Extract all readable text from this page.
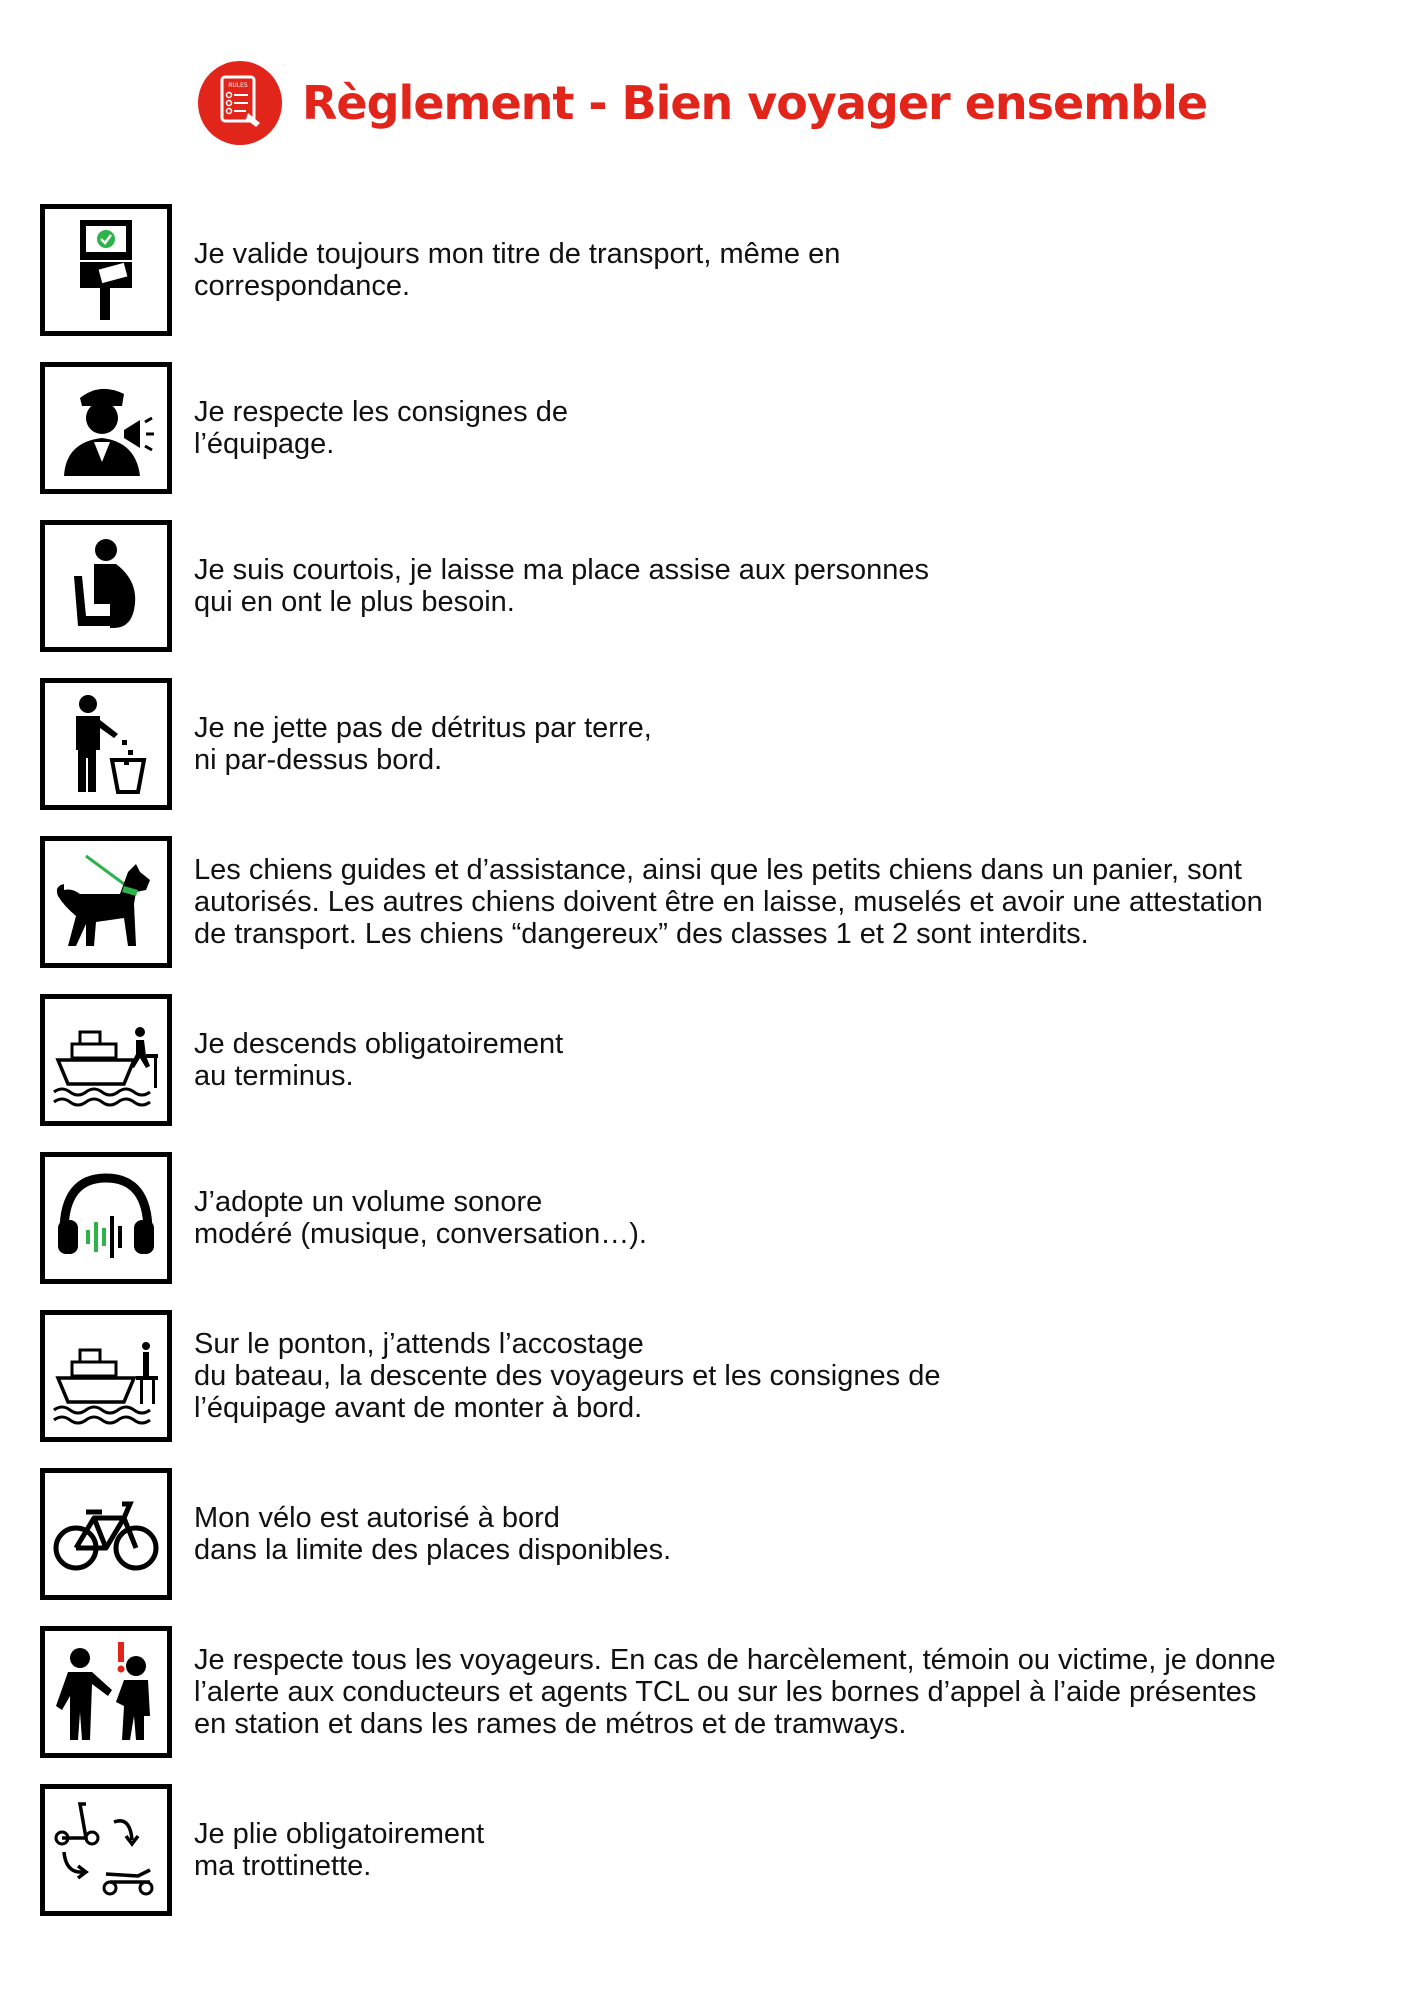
RULES Règlement - Bien voyager ensemble
Je valide toujours mon titre de transport, même en
correspondance.
Je respecte les consignes de
l’équipage.
Je suis courtois, je laisse ma place assise aux personnes
qui en ont le plus besoin.
Je ne jette pas de détritus par terre,
ni par-dessus bord.
Les chiens guides et d’assistance, ainsi que les petits chiens dans un panier, sont
autorisés. Les autres chiens doivent être en laisse, muselés et avoir une attestation
de transport. Les chiens “dangereux” des classes 1 et 2 sont interdits.
Je descends obligatoirement
au terminus.
J’adopte un volume sonore
modéré (musique, conversation…).
Sur le ponton, j’attends l’accostage
du bateau, la descente des voyageurs et les consignes de
l’équipage avant de monter à bord.
Mon vélo est autorisé à bord
dans la limite des places disponibles.
Je respecte tous les voyageurs. En cas de harcèlement, témoin ou victime, je donne
l’alerte aux conducteurs et agents TCL ou sur les bornes d’appel à l’aide présentes
en station et dans les rames de métros et de tramways.
Je plie obligatoirement
ma trottinette.
